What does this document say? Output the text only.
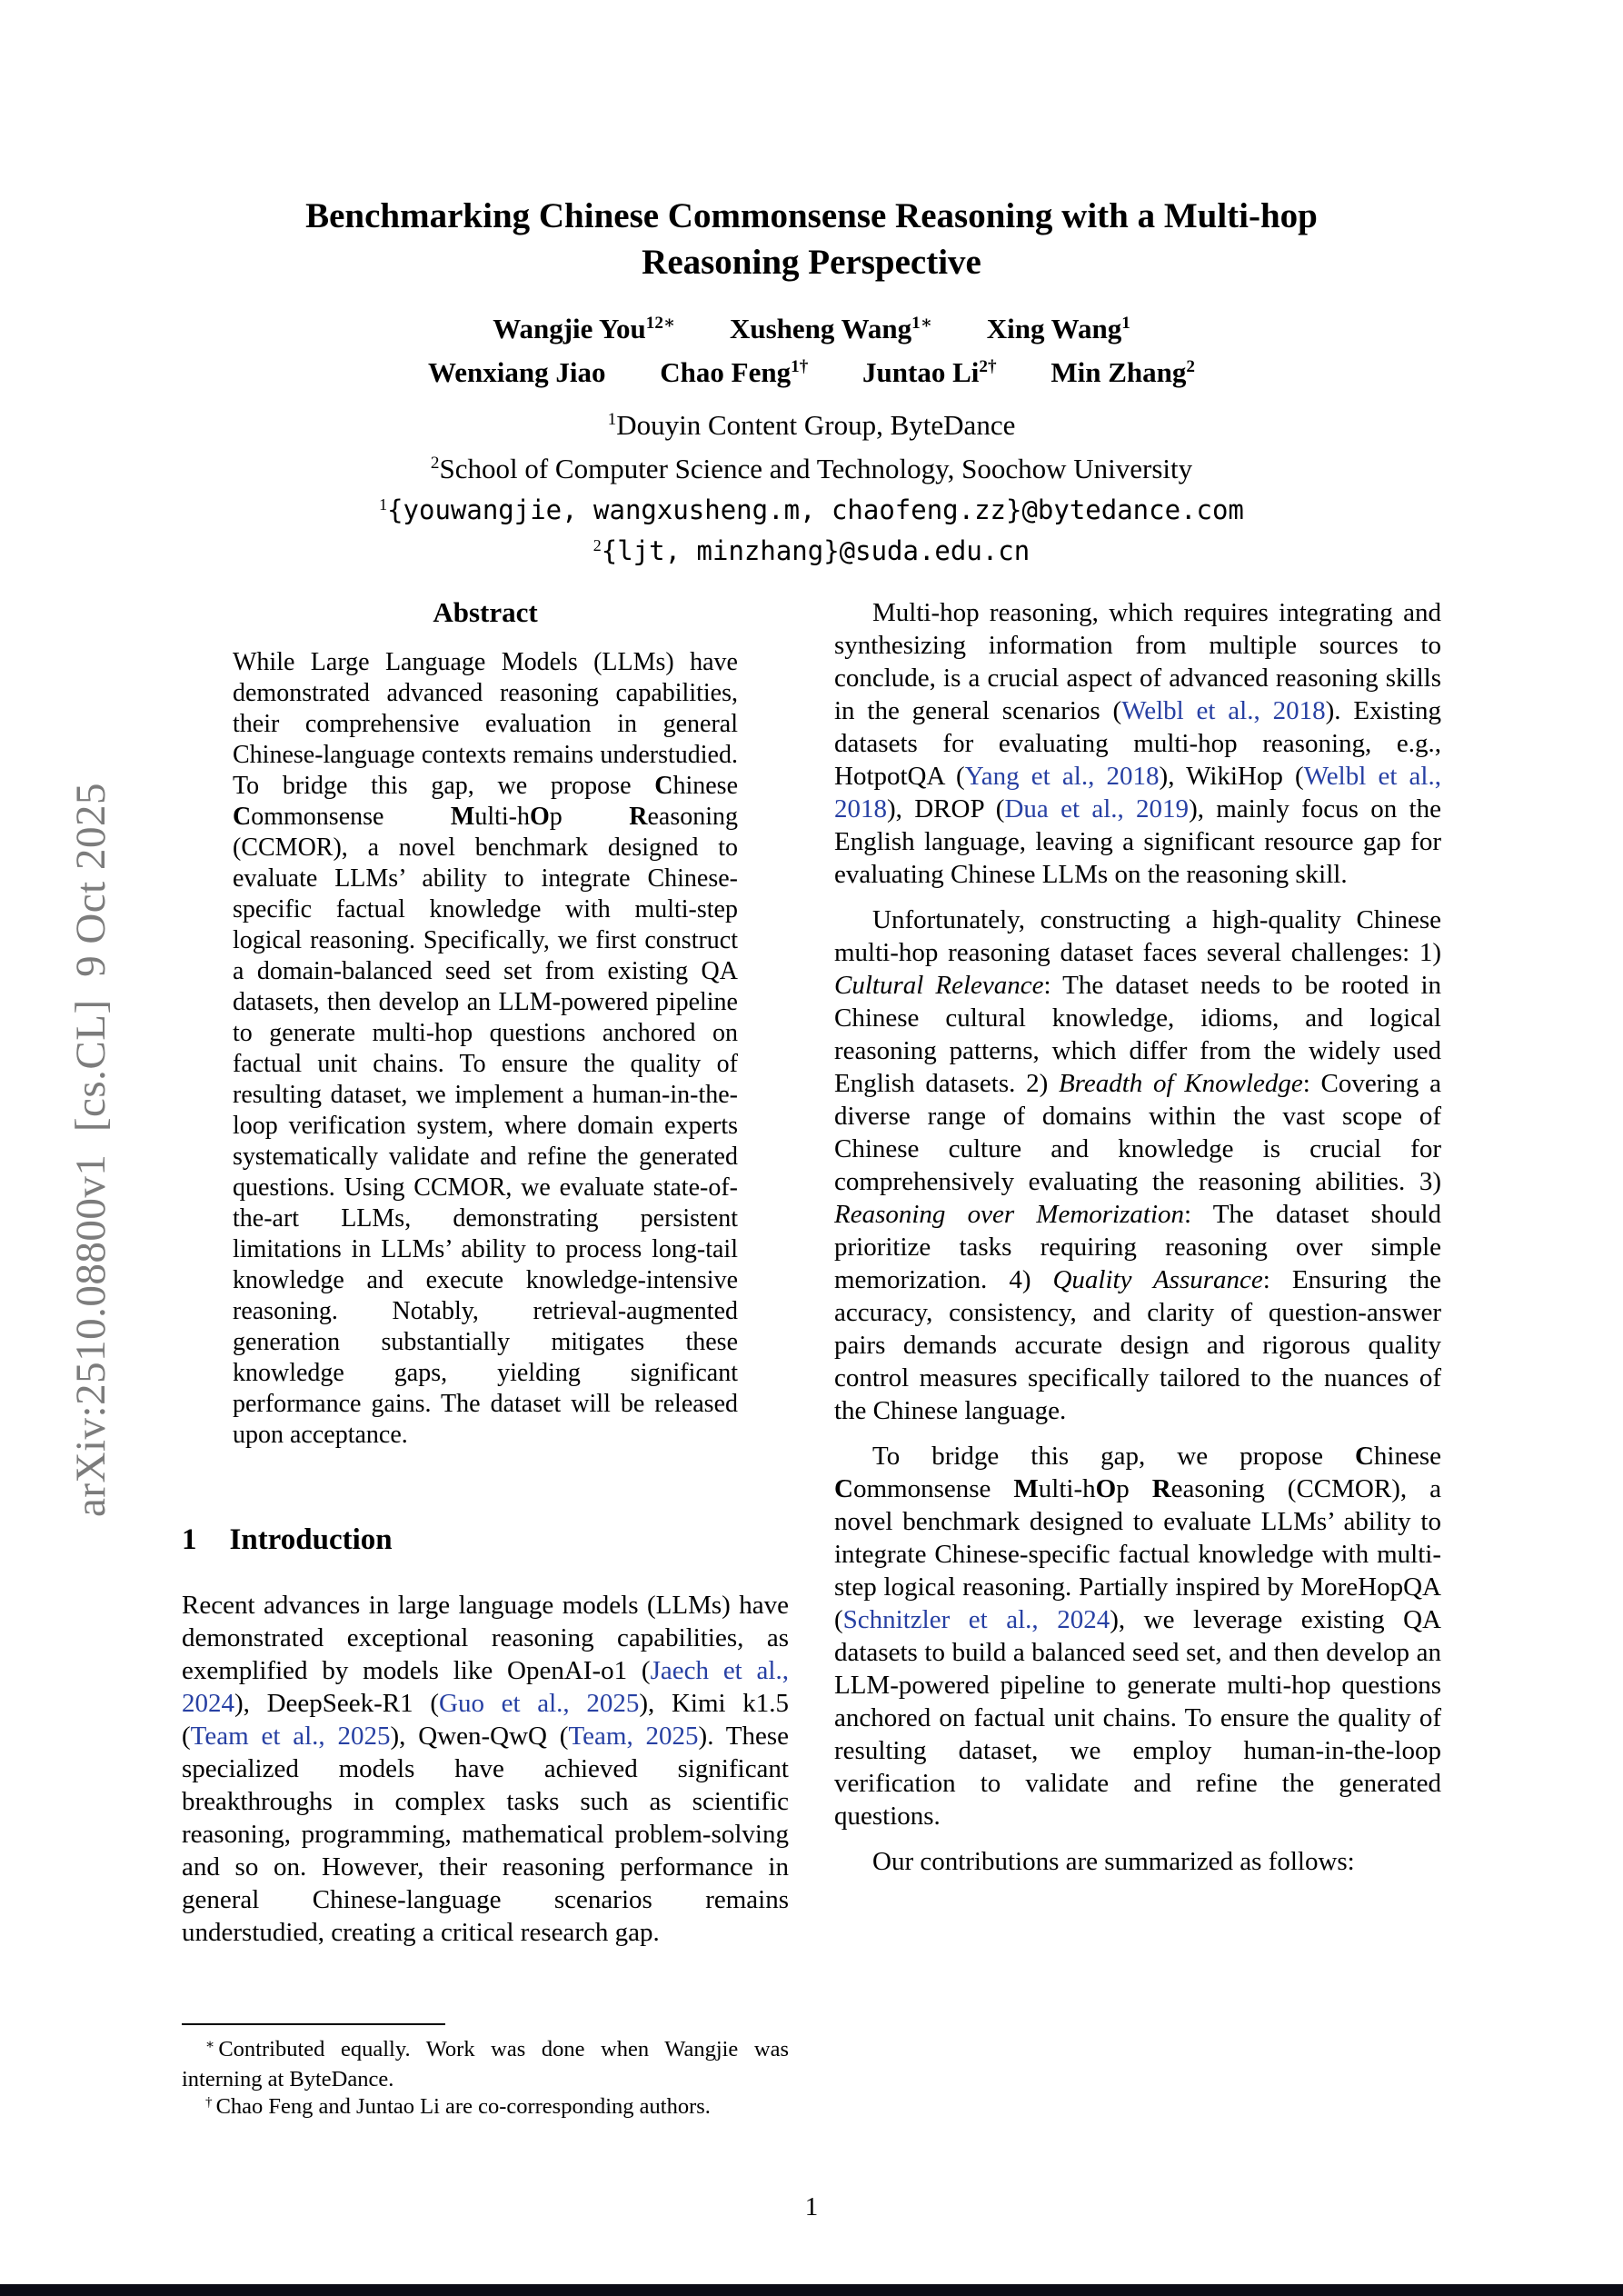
arXiv:2510.08800v1  [cs.CL]  9 Oct 2025
Benchmarking Chinese Commonsense Reasoning with a Multi-hop Reasoning Perspective
Wangjie You$^{12∗}$ Xusheng Wang$^{1∗}$ Xing Wang$^1$
Wenxiang Jiao Chao Feng$^{1\dagger}$ Juntao $Li^{2\dagger}$ Min Zhang$^2$
$^1$Douyin Content Group, ByteDance
$^2$School of Computer Science and Technology, Soochow University
$^1${youwangjie, wangxusheng.m, chaofeng.zz}@bytedance.com
$^2${ljt, minzhang}@suda.edu.cn
Abstract
While Large Language Models (LLMs) have demonstrated advanced reasoning capabilities, their comprehensive evaluation in general Chinese-language contexts remains understudied. To bridge this gap, we propose Chinese Commonsense Multi-hOp Reasoning (CCMOR), a novel benchmark designed to evaluate LLMs’ ability to integrate Chinese-specific factual knowledge with multi-step logical reasoning. Specifically, we first construct a domain-balanced seed set from existing QA datasets, then develop an LLM-powered pipeline to generate multi-hop questions anchored on factual unit chains. To ensure the quality of resulting dataset, we implement a human-in-the-loop verification system, where domain experts systematically validate and refine the generated questions. Using CCMOR, we evaluate state-of-the-art LLMs, demonstrating persistent limitations in LLMs’ ability to process long-tail knowledge and execute knowledge-intensive reasoning. Notably, retrieval-augmented generation substantially mitigates these knowledge gaps, yielding significant performance gains. The dataset will be released upon acceptance.
1 Introduction

Recent advances in large language models (LLMs) have demonstrated exceptional reasoning capabilities, as exemplified by models like OpenAI-o1 (Jaech et al., 2024), DeepSeek-R1 (Guo et al., 2025), Kimi k1.5 (Team et al., 2025), Qwen-QwQ (Team, 2025). These specialized models have achieved significant breakthroughs in complex tasks such as scientific reasoning, programming, mathematical problem-solving and so on. However, their reasoning performance in general Chinese-language scenarios remains understudied, creating a critical research gap.

Multi-hop reasoning, which requires integrating and synthesizing information from multiple sources to conclude, is a crucial aspect of advanced reasoning skills in the general scenarios (Welbl et al., 2018). Existing datasets for evaluating multi-hop reasoning, e.g., HotpotQA (Yang et al., 2018), WikiHop (Welbl et al., 2018), DROP (Dua et al., 2019), mainly focus on the English language, leaving a significant resource gap for evaluating Chinese LLMs on the reasoning skill.

Unfortunately, constructing a high-quality Chinese multi-hop reasoning dataset faces several challenges: 1) Cultural Relevance: The dataset needs to be rooted in Chinese cultural knowledge, idioms, and logical reasoning patterns, which differ from the widely used English datasets. 2) Breadth of Knowledge: Covering a diverse range of domains within the vast scope of Chinese culture and knowledge is crucial for comprehensively evaluating the reasoning abilities. 3) Reasoning over Memorization: The dataset should prioritize tasks requiring reasoning over simple memorization. 4) Quality Assurance: Ensuring the accuracy, consistency, and clarity of question-answer pairs demands accurate design and rigorous quality control measures specifically tailored to the nuances of the Chinese language.

To bridge this gap, we propose Chinese Commonsense Multi-hOp Reasoning (CCMOR), a novel benchmark designed to evaluate LLMs’ ability to integrate Chinese-specific factual knowledge with multi-step logical reasoning. Partially inspired by MoreHopQA (Schnitzler et al., 2024), we leverage existing QA datasets to build a balanced seed set, and then develop an LLM-powered pipeline to generate multi-hop questions anchored on factual unit chains. To ensure the quality of resulting dataset, we employ human-in-the-loop verification to validate and refine the generated questions.

Our contributions are summarized as follows:

∗ Contributed equally. Work was done when Wangjie was interning at ByteDance.

† Chao Feng and Juntao Li are co-corresponding authors.

1
